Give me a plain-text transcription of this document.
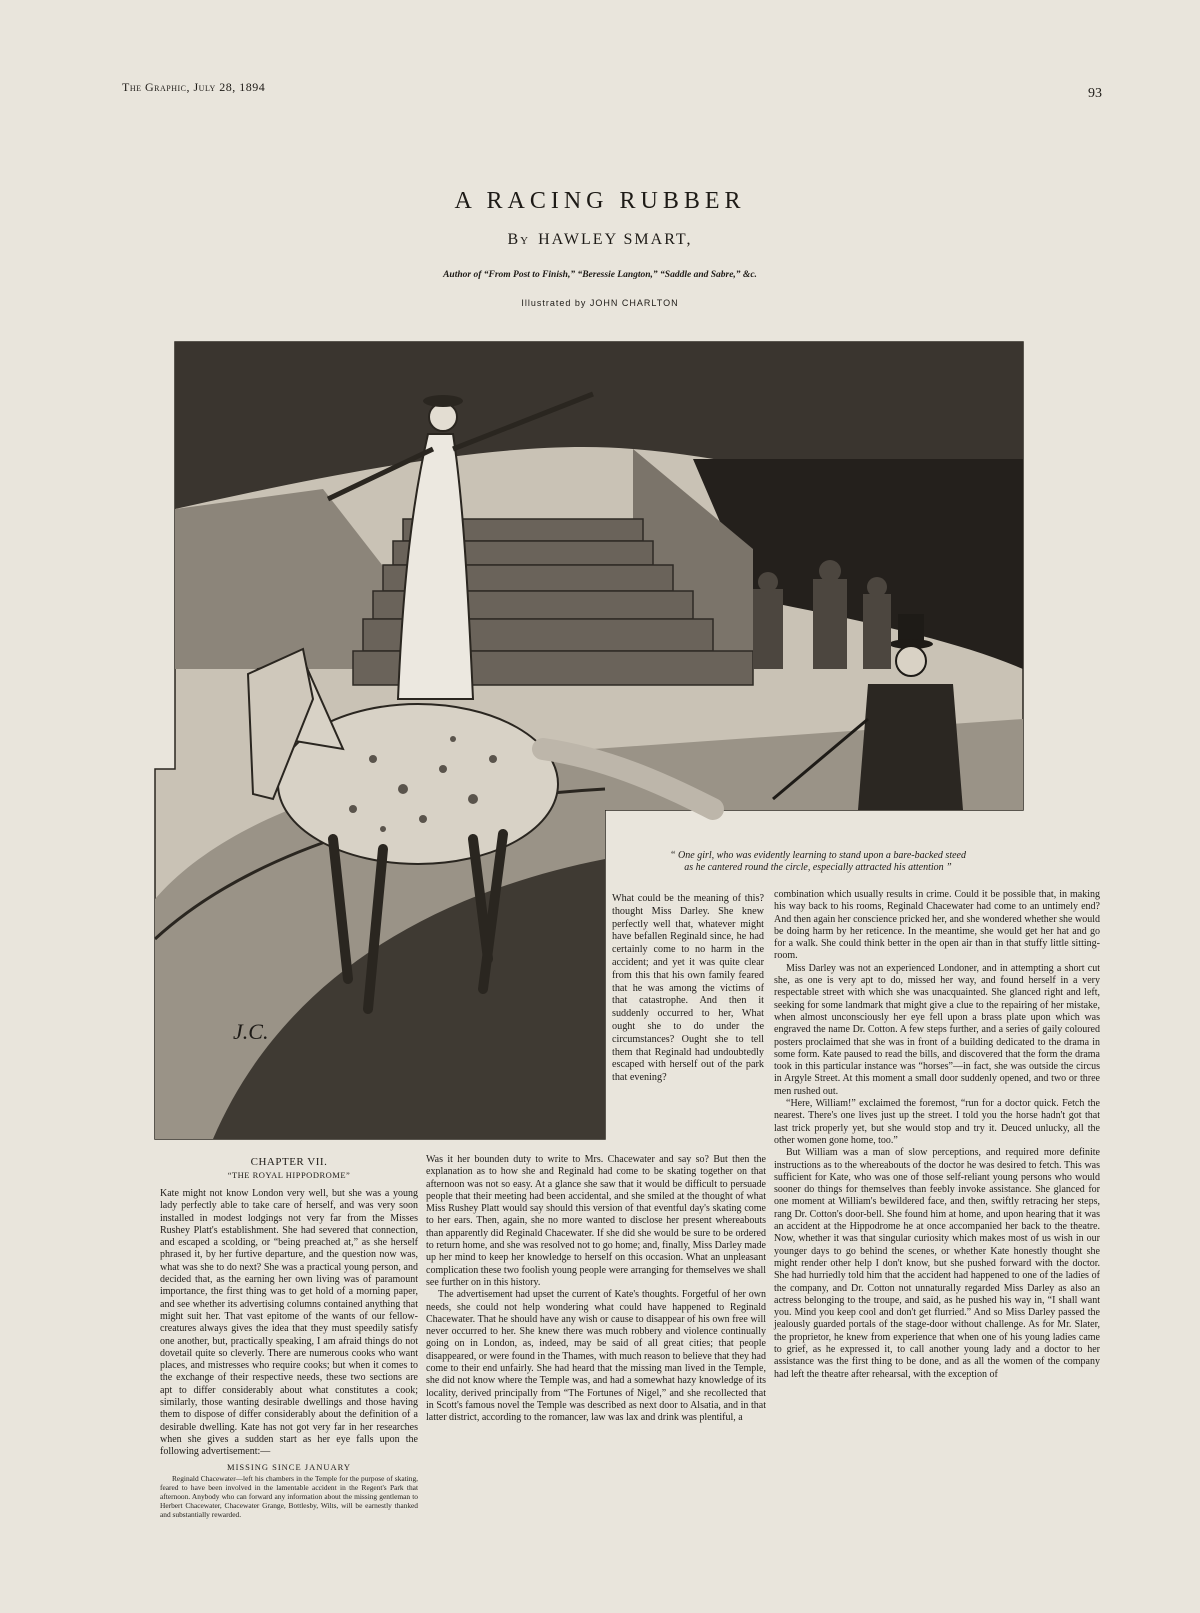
The Graphic, July 28, 1894	93
A RACING RUBBER
By HAWLEY SMART,
Author of “From Post to Finish,” “Beressie Langton,” “Saddle and Sabre,” &c.
Illustrated by JOHN CHARLTON
J.C.
“ One girl, who was evidently learning to stand upon a bare-backed steed
as he cantered round the circle, especially attracted his attention ”
What could be the meaning of this? thought Miss Darley. She knew perfectly well that, whatever might have befallen Reginald since, he had certainly come to no harm in the accident; and yet it was quite clear from this that his own family feared that he was among the victims of that catastrophe. And then it suddenly occurred to her, What ought she to do under the circumstances? Ought she to tell them that Reginald had undoubtedly escaped with herself out of the park that evening?
CHAPTER VII.
“THE ROYAL HIPPODROME”

Kate might not know London very well, but she was a young lady perfectly able to take care of herself, and was very soon installed in modest lodgings not very far from the Misses Rushey Platt's establishment. She had severed that connection, and escaped a scolding, or “being preached at,” as she herself phrased it, by her furtive departure, and the question now was, what was she to do next? She was a practical young person, and decided that, as the earning her own living was of paramount importance, the first thing was to get hold of a morning paper, and see whether its advertising columns contained anything that might suit her. That vast epitome of the wants of our fellow-creatures always gives the idea that they must speedily satisfy one another, but, practically speaking, I am afraid things do not dovetail quite so cleverly. There are numerous cooks who want places, and mistresses who require cooks; but when it comes to the exchange of their respective needs, these two sections are apt to differ considerably about what constitutes a cook; similarly, those wanting desirable dwellings and those having them to dispose of differ considerably about the definition of a desirable dwelling. Kate has not got very far in her researches when she gives a sudden start as her eye falls upon the following advertisement:—

MISSING SINCE JANUARY

Reginald Chacewater—left his chambers in the Temple for the purpose of skating, feared to have been involved in the lamentable accident in the Regent's Park that afternoon. Anybody who can forward any information about the missing gentleman to Herbert Chacewater, Chacewater Grange, Bottlesby, Wilts, will be earnestly thanked and substantially rewarded.

Was it her bounden duty to write to Mrs. Chacewater and say so? But then the explanation as to how she and Reginald had come to be skating together on that afternoon was not so easy. At a glance she saw that it would be difficult to persuade people that their meeting had been accidental, and she smiled at the thought of what Miss Rushey Platt would say should this version of that eventful day's skating come to her ears. Then, again, she no more wanted to disclose her present whereabouts than apparently did Reginald Chacewater. If she did she would be sure to be ordered to return home, and she was resolved not to go home; and, finally, Miss Darley made up her mind to keep her knowledge to herself on this occasion. What an unpleasant complication these two foolish young people were arranging for themselves we shall see further on in this history.

The advertisement had upset the current of Kate's thoughts. Forgetful of her own needs, she could not help wondering what could have happened to Reginald Chacewater. That he should have any wish or cause to disappear of his own free will never occurred to her. She knew there was much robbery and violence continually going on in London, as, indeed, may be said of all great cities; that people disappeared, or were found in the Thames, with much reason to believe that they had come to their end unfairly. She had heard that the missing man lived in the Temple, she did not know where the Temple was, and had a somewhat hazy knowledge of its locality, derived principally from “The Fortunes of Nigel,” and she recollected that in Scott's famous novel the Temple was described as next door to Alsatia, and in that latter district, according to the romancer, law was lax and drink was plentiful, a

combination which usually results in crime. Could it be possible that, in making his way back to his rooms, Reginald Chacewater had come to an untimely end? And then again her conscience pricked her, and she wondered whether she would be doing harm by her reticence. In the meantime, she would get her hat and go for a walk. She could think better in the open air than in that stuffy little sitting-room.

Miss Darley was not an experienced Londoner, and in attempting a short cut she, as one is very apt to do, missed her way, and found herself in a very respectable street with which she was unacquainted. She glanced right and left, seeking for some landmark that might give a clue to the repairing of her mistake, when almost unconsciously her eye fell upon a brass plate upon which was engraved the name Dr. Cotton. A few steps further, and a series of gaily coloured posters proclaimed that she was in front of a building dedicated to the drama in some form. Kate paused to read the bills, and discovered that the form the drama took in this particular instance was “horses”—in fact, she was outside the circus in Argyle Street. At this moment a small door suddenly opened, and two or three men rushed out.

“Here, William!” exclaimed the foremost, “run for a doctor quick. Fetch the nearest. There's one lives just up the street. I told you the horse hadn't got that last trick properly yet, but she would stop and try it. Deuced unlucky, all the other women gone home, too.”

But William was a man of slow perceptions, and required more definite instructions as to the whereabouts of the doctor he was desired to fetch. This was sufficient for Kate, who was one of those self-reliant young persons who would sooner do things for themselves than feebly invoke assistance. She glanced for one moment at William's bewildered face, and then, swiftly retracing her steps, rang Dr. Cotton's door-bell. She found him at home, and upon hearing that it was an accident at the Hippodrome he at once accompanied her back to the theatre. Now, whether it was that singular curiosity which makes most of us wish in our younger days to go behind the scenes, or whether Kate honestly thought she might render other help I don't know, but she pushed forward with the doctor. She had hurriedly told him that the accident had happened to one of the ladies of the company, and Dr. Cotton not unnaturally regarded Miss Darley as also an actress belonging to the troupe, and said, as he pushed his way in, “I shall want you. Mind you keep cool and don't get flurried.” And so Miss Darley passed the jealously guarded portals of the stage-door without challenge. As for Mr. Slater, the proprietor, he knew from experience that when one of his young ladies came to grief, as he expressed it, to call another young lady and a doctor to her assistance was the first thing to be done, and as all the women of the company had left the theatre after rehearsal, with the exception of
